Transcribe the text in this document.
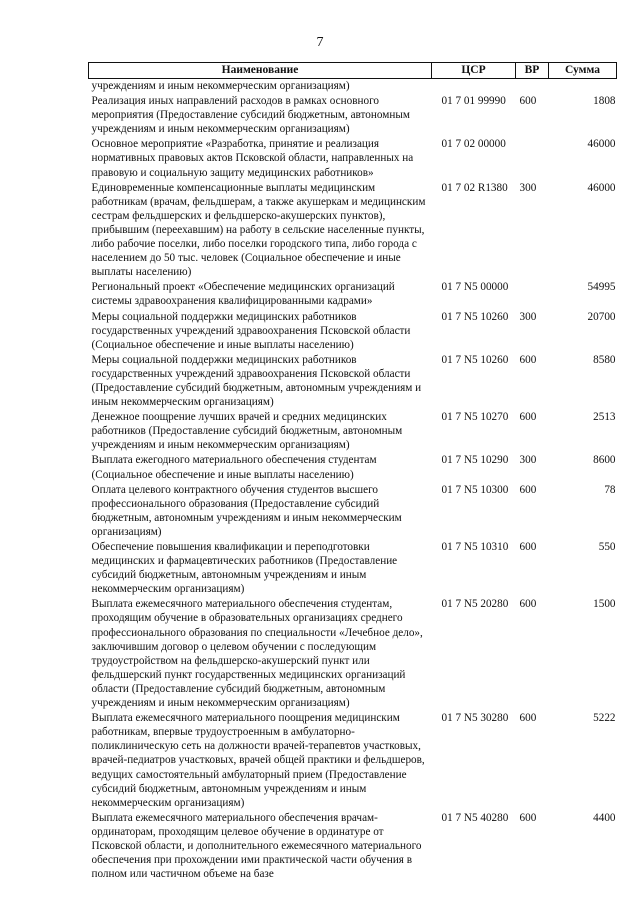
7
Наименование	ЦСР	ВР	Сумма
учреждениям и иным некоммерческим организациям)			
Реализация иных направлений расходов в рамках основного мероприятия (Предоставление субсидий бюджетным, автономным учреждениям и иным некоммерческим организациям)	01 7 01 99990	600	1808
Основное мероприятие «Разработка, принятие и реализация нормативных правовых актов Псковской области, направленных на правовую и социальную защиту медицинских работников»	01 7 02 00000		46000
Единовременные компенсационные выплаты медицинским работникам (врачам, фельдшерам, а также акушеркам и медицинским сестрам фельдшерских и фельдшерско-акушерских пунктов), прибывшим (переехавшим) на работу в сельские населенные пункты, либо рабочие поселки, либо поселки городского типа, либо города с населением до 50 тыс. человек (Социальное обеспечение и иные выплаты населению)	01 7 02 R1380	300	46000
Региональный проект «Обеспечение медицинских организаций системы здравоохранения квалифицированными кадрами»	01 7 N5 00000		54995
Меры социальной поддержки медицинских работников государственных учреждений здравоохранения Псковской области (Социальное обеспечение и иные выплаты населению)	01 7 N5 10260	300	20700
Меры социальной поддержки медицинских работников государственных учреждений здравоохранения Псковской области (Предоставление субсидий бюджетным, автономным учреждениям и иным некоммерческим организациям)	01 7 N5 10260	600	8580
Денежное поощрение лучших врачей и средних медицинских работников (Предоставление субсидий бюджетным, автономным учреждениям и иным некоммерческим организациям)	01 7 N5 10270	600	2513
Выплата ежегодного материального обеспечения студентам (Социальное обеспечение и иные выплаты населению)	01 7 N5 10290	300	8600
Оплата целевого контрактного обучения студентов высшего профессионального образования (Предоставление субсидий бюджетным, автономным учреждениям и иным некоммерческим организациям)	01 7 N5 10300	600	78
Обеспечение повышения квалификации и переподготовки медицинских и фармацевтических работников (Предоставление субсидий бюджетным, автономным учреждениям и иным некоммерческим организациям)	01 7 N5 10310	600	550
Выплата ежемесячного материального обеспечения студентам, проходящим обучение в образовательных организациях среднего профессионального образования по специальности «Лечебное дело», заключившим договор о целевом обучении с последующим трудоустройством на фельдшерско-акушерский пункт или фельдшерский пункт государственных медицинских организаций области (Предоставление субсидий бюджетным, автономным учреждениям и иным некоммерческим организациям)	01 7 N5 20280	600	1500
Выплата ежемесячного материального поощрения медицинским работникам, впервые трудоустроенным в амбулаторно-поликлиническую сеть на должности врачей-терапевтов участковых, врачей-педиатров участковых, врачей общей практики и фельдшеров, ведущих самостоятельный амбулаторный прием (Предоставление субсидий бюджетным, автономным учреждениям и иным некоммерческим организациям)	01 7 N5 30280	600	5222
Выплата ежемесячного материального обеспечения врачам-ординаторам, проходящим целевое обучение в ординатуре от Псковской области, и дополнительного ежемесячного материального обеспечения при прохождении ими практической части обучения в полном или частичном объеме на базе	01 7 N5 40280	600	4400
